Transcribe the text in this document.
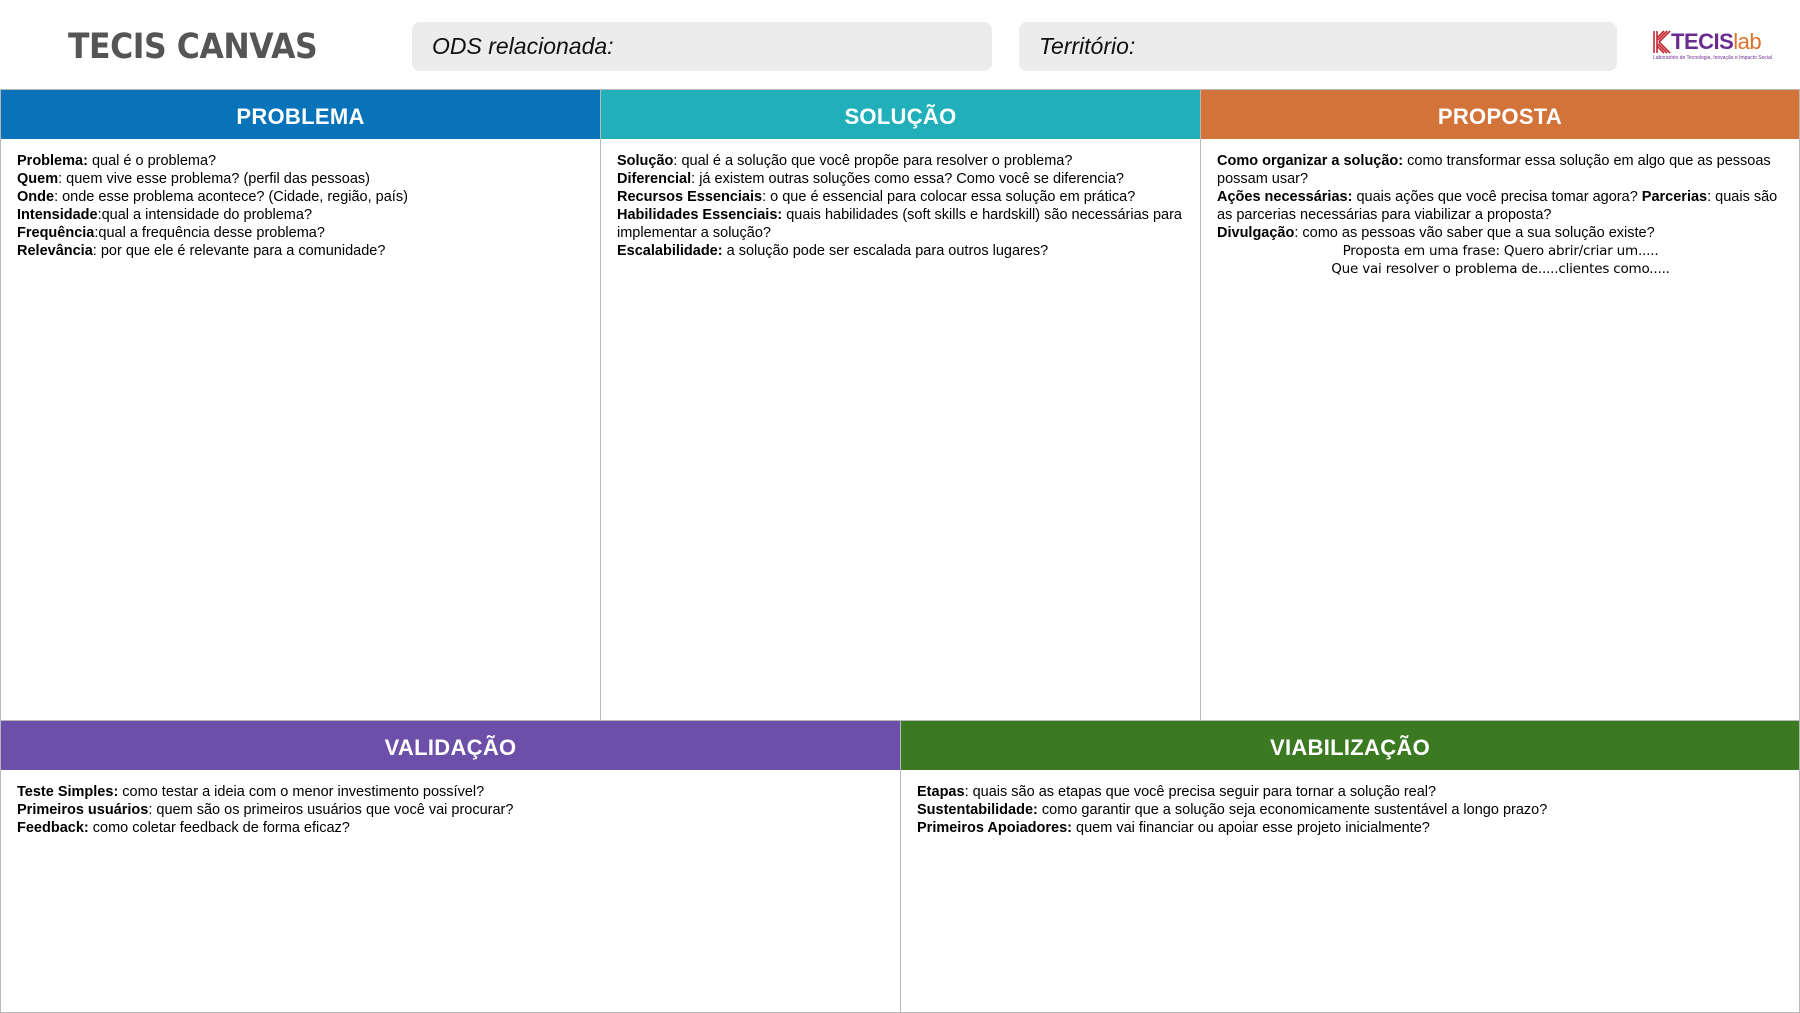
TECIS CANVAS	ODS relacionada:	Território:	TECISlab
Laboratório de Tecnologia, Inovação e Impacto Social
PROBLEMA
Problema: qual é o problema?
Quem: quem vive esse problema? (perfil das pessoas)
Onde: onde esse problema acontece? (Cidade, região, país)
Intensidade:qual a intensidade do problema?
Frequência:qual a frequência desse problema?
Relevância: por que ele é relevante para a comunidade?
SOLUÇÃO
Solução: qual é a solução que você propõe para resolver o problema?
Diferencial: já existem outras soluções como essa? Como você se diferencia?
Recursos Essenciais: o que é essencial para colocar essa solução em prática?
Habilidades Essenciais: quais habilidades (soft skills e hardskill) são necessárias para implementar a solução?
Escalabilidade: a solução pode ser escalada para outros lugares?
PROPOSTA
Como organizar a solução: como transformar essa solução em algo que as pessoas possam usar?
Ações necessárias: quais ações que você precisa tomar agora? Parcerias: quais são as parcerias necessárias para viabilizar a proposta?
Divulgação: como as pessoas vão saber que a sua solução existe?
Proposta em uma frase: Quero abrir/criar um.....
Que vai resolver o problema de.....clientes como.....
VALIDAÇÃO
Teste Simples: como testar a ideia com o menor investimento possível?
Primeiros usuários: quem são os primeiros usuários que você vai procurar?
Feedback: como coletar feedback de forma eficaz?
VIABILIZAÇÃO
Etapas: quais são as etapas que você precisa seguir para tornar a solução real?
Sustentabilidade: como garantir que a solução seja economicamente sustentável a longo prazo?
Primeiros Apoiadores: quem vai financiar ou apoiar esse projeto inicialmente?
